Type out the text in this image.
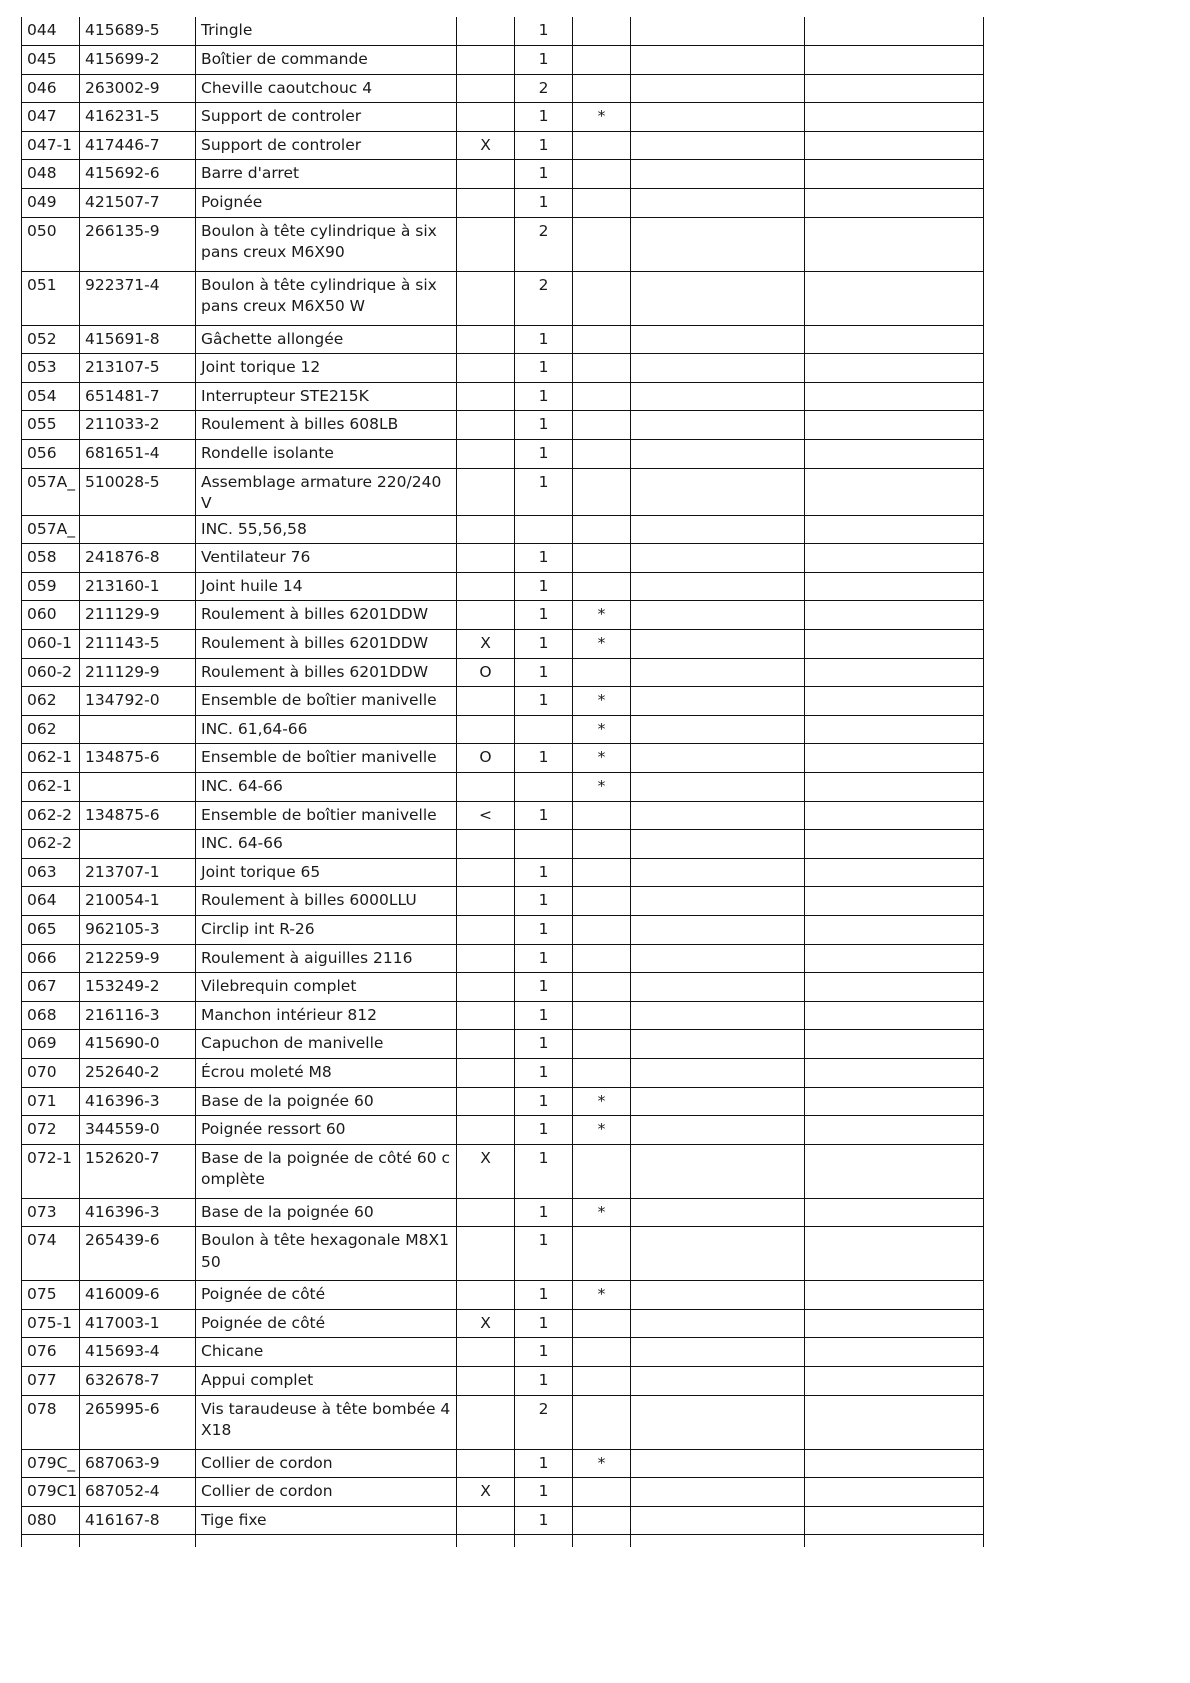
044	415689-5	Tringle		1			
045	415699-2	Boîtier de commande		1			
046	263002-9	Cheville caoutchouc 4		2			
047	416231-5	Support de controler		1	*		
047-1	417446-7	Support de controler	X	1			
048	415692-6	Barre d'arret		1			
049	421507-7	Poignée		1			
050	266135-9	Boulon à tête cylindrique à six pans creux M6X90		2			
051	922371-4	Boulon à tête cylindrique à six pans creux M6X50 W		2			
052	415691-8	Gâchette allongée		1			
053	213107-5	Joint torique 12		1			
054	651481-7	Interrupteur STE215K		1			
055	211033-2	Roulement à billes 608LB		1			
056	681651-4	Rondelle isolante		1			
057A_	510028-5	Assemblage armature 220/240V		1			
057A_		INC. 55,56,58					
058	241876-8	Ventilateur 76		1			
059	213160-1	Joint huile 14		1			
060	211129-9	Roulement à billes 6201DDW		1	*		
060-1	211143-5	Roulement à billes 6201DDW	X	1	*		
060-2	211129-9	Roulement à billes 6201DDW	O	1			
062	134792-0	Ensemble de boîtier manivelle		1	*		
062		INC. 61,64-66			*		
062-1	134875-6	Ensemble de boîtier manivelle	O	1	*		
062-1		INC. 64-66			*		
062-2	134875-6	Ensemble de boîtier manivelle	<	1			
062-2		INC. 64-66					
063	213707-1	Joint torique 65		1			
064	210054-1	Roulement à billes 6000LLU		1			
065	962105-3	Circlip int R-26		1			
066	212259-9	Roulement à aiguilles 2116		1			
067	153249-2	Vilebrequin complet		1			
068	216116-3	Manchon intérieur 812		1			
069	415690-0	Capuchon de manivelle		1			
070	252640-2	Écrou moleté M8		1			
071	416396-3	Base de la poignée 60		1	*		
072	344559-0	Poignée ressort 60		1	*		
072-1	152620-7	Base de la poignée de côté 60 complète	X	1			
073	416396-3	Base de la poignée 60		1	*		
074	265439-6	Boulon à tête hexagonale M8X150		1			
075	416009-6	Poignée de côté		1	*		
075-1	417003-1	Poignée de côté	X	1			
076	415693-4	Chicane		1			
077	632678-7	Appui complet		1			
078	265995-6	Vis taraudeuse à tête bombée 4X18		2			
079C_	687063-9	Collier de cordon		1	*		
079C1	687052-4	Collier de cordon	X	1			
080	416167-8	Tige fixe		1			
